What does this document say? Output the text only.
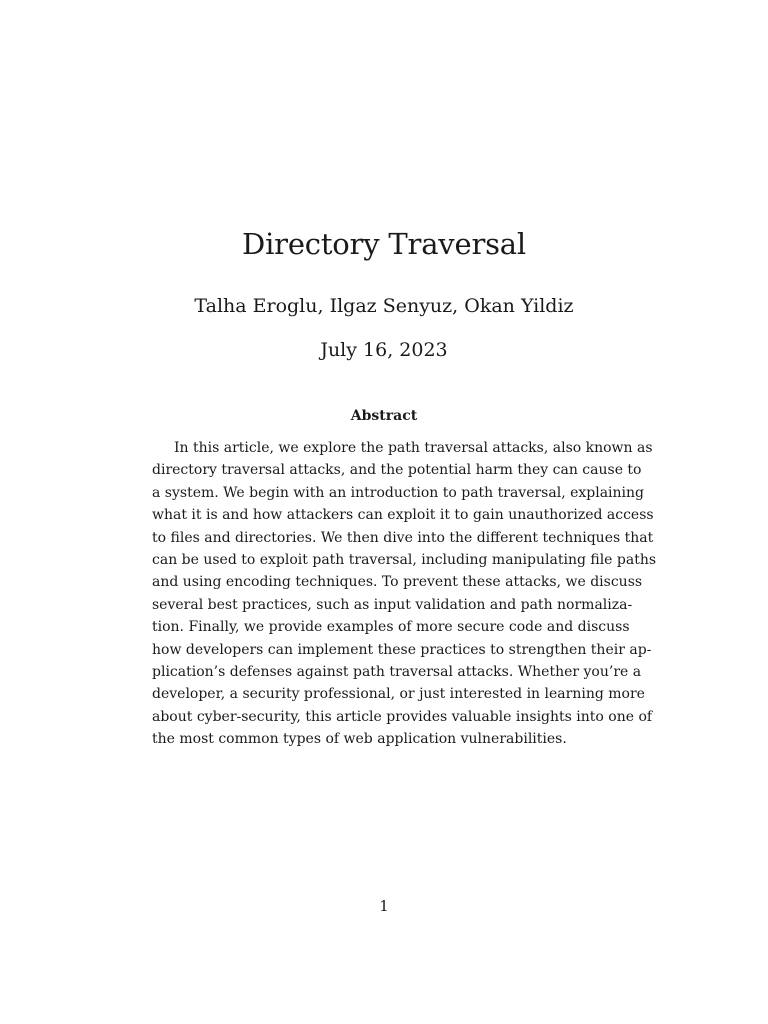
Directory Traversal
Talha Eroglu, Ilgaz Senyuz, Okan Yildiz
July 16, 2023
Abstract
In this article, we explore the path traversal attacks, also known as
directory traversal attacks, and the potential harm they can cause to
a system. We begin with an introduction to path traversal, explaining
what it is and how attackers can exploit it to gain unauthorized access
to files and directories. We then dive into the different techniques that
can be used to exploit path traversal, including manipulating file paths
and using encoding techniques. To prevent these attacks, we discuss
several best practices, such as input validation and path normaliza-
tion. Finally, we provide examples of more secure code and discuss
how developers can implement these practices to strengthen their ap-
plication’s defenses against path traversal attacks. Whether you’re a
developer, a security professional, or just interested in learning more
about cyber-security, this article provides valuable insights into one of
the most common types of web application vulnerabilities.
1
